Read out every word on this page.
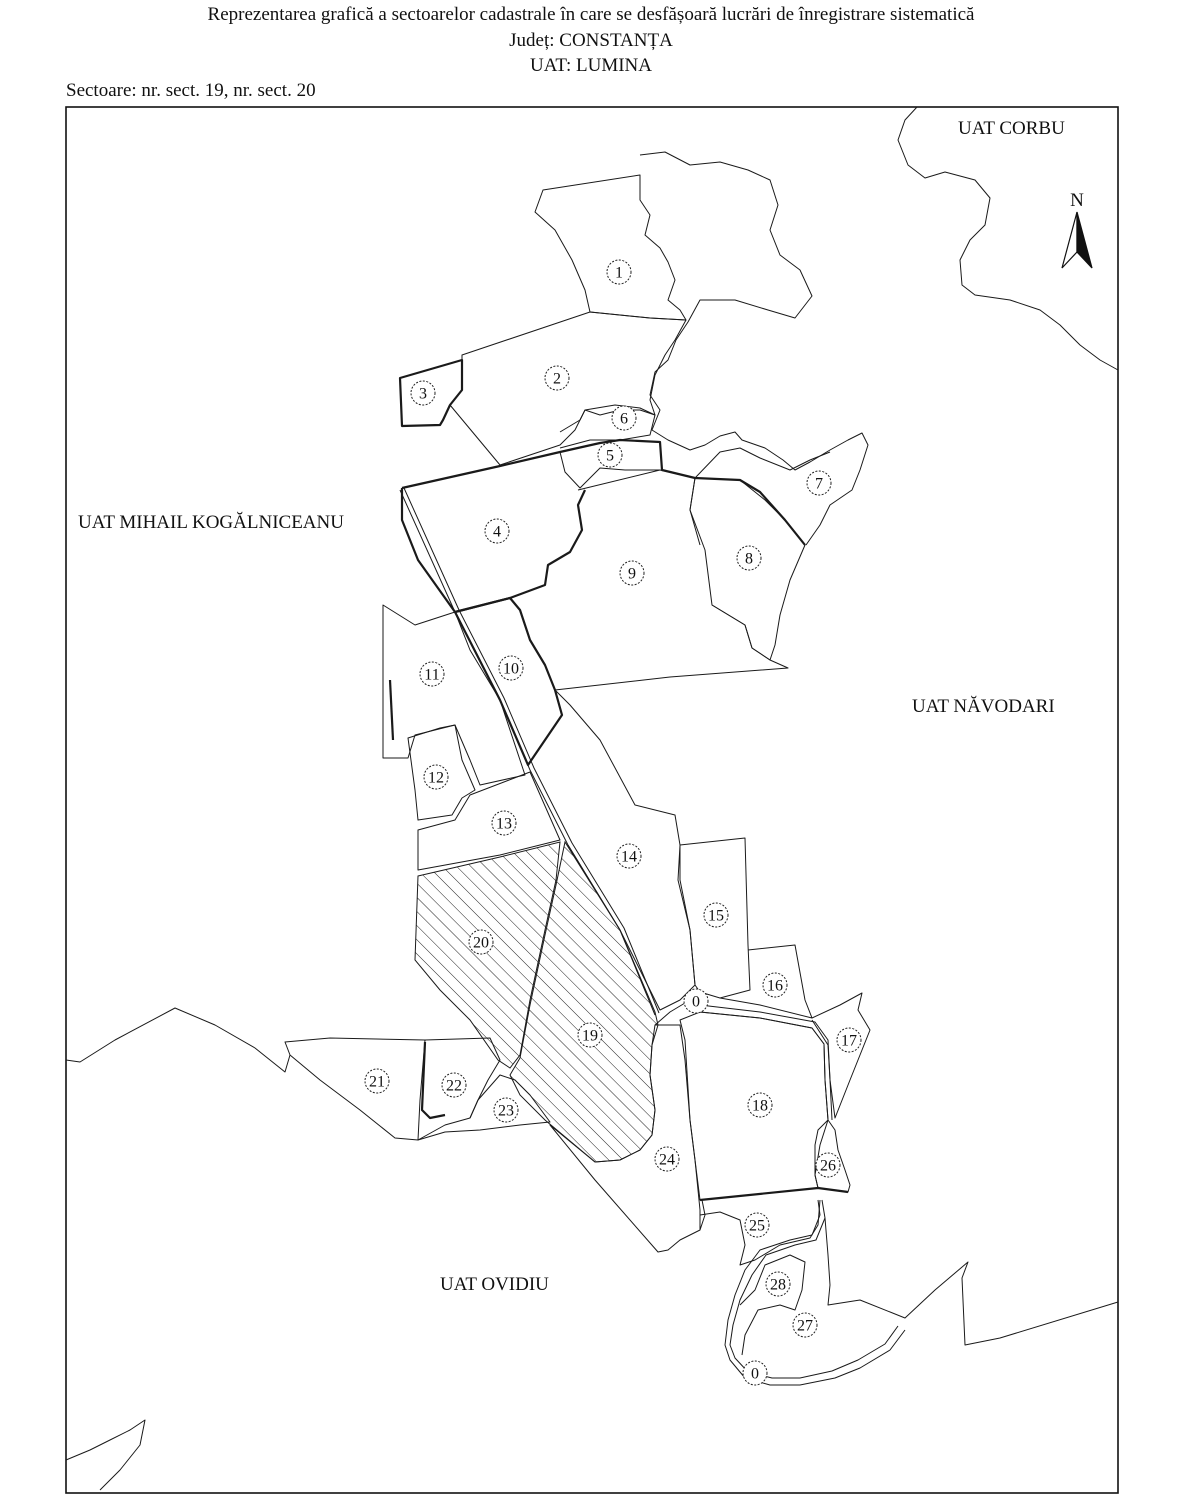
Reprezentarea grafică a sectoarelor cadastrale în care se desfășoară lucrări de înregistrare sistematică
Județ: CONSTANȚA
UAT: LUMINA
Sectoare: nr. sect. 19, nr. sect. 20
N
UAT CORBU
UAT MIHAIL KOGĂLNICEANU
UAT NĂVODARI
UAT OVIDIU
1
2
3
4
5
6
7
8
9
10
11
12
13
14
15
16
17
18
19
20
21	22
23
24
25
26
27
28
0
0
